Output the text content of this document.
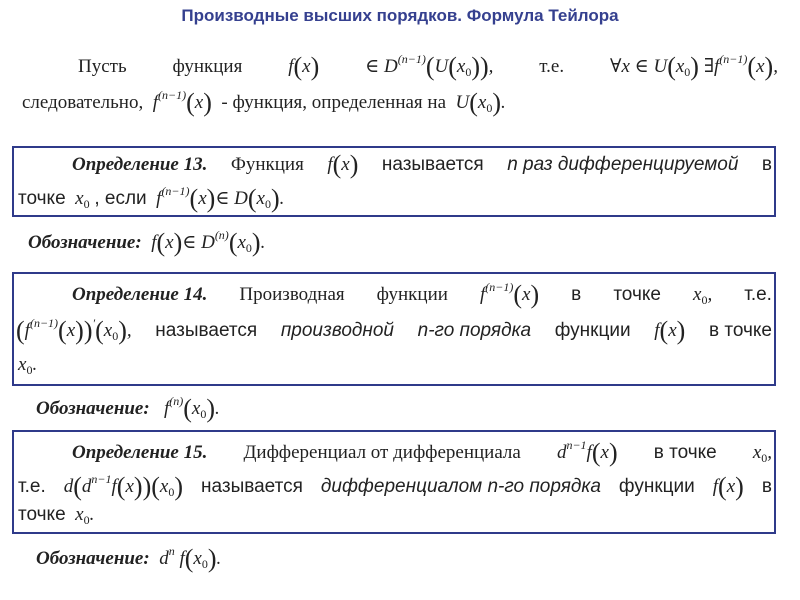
Производные высших порядков. Формула Тейлора
Пусть функция f(x) ∈ $D^{(n-1)}(U(x_0))$, т.е. ∀x ∈ $U(x_0)$ $\exists f^{(n-1)}(x)$,
следовательно,  $f^{(n-1)}(x)$ - функция, определенная на  $U(x_0)$.
Определение 13. Функция f(x) называется n раз дифференцируемой в
точке  $x_0$ , если  $f^{(n-1)}(x)\in$ $D(x_0)$.
Обозначение:  f(x)∈ $D^{(n)}(x_0)$.
Определение 14. Производная функции $f^{(n-1)}(x)$ в точке $x_0$, т.е.
$(f^{(n-1)}(x))'(x_0)$, называется производной n-го порядка функции f(x) в точке
$x_0$.
Обозначение:   $f^{(n)}(x_0)$.
Определение 15. Дифференциал от дифференциала $d^{n-1}f(x)$ в точке $x_0$,
т.е. $d(d^{n-1}f(x))(x_0)$ называется дифференциалом n-го порядка функции f(x) в
точке  $x_0$.
Обозначение:  $d^n$ $f(x_0)$.
